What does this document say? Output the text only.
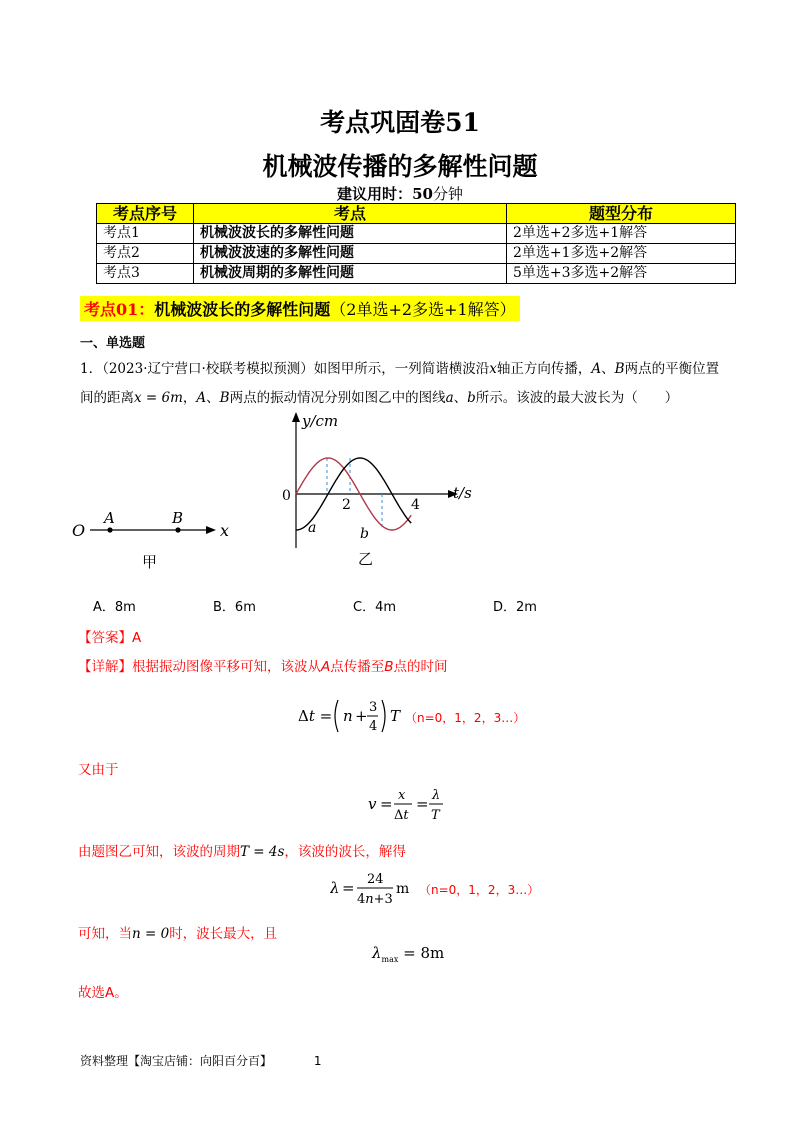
考点巩固卷51
机械波传播的多解性问题
建议用时：50分钟
考点序号	考点	题型分布
考点1	机械波波长的多解性问题	2单选+2多选+1解答
考点2	机械波波速的多解性问题	2单选+1多选+2解答
考点3	机械波周期的多解性问题	5单选+3多选+2解答
考点01：机械波波长的多解性问题（2单选+2多选+1解答）
一、单选题
1．（2023·辽宁营口·校联考模拟预测）如图甲所示，一列简谐横波沿x轴正方向传播，A、B两点的平衡位置间的距离x = 6m，A、B两点的振动情况分别如图乙中的图线a、b所示。该波的最大波长为（　　）
O
A	B
x
甲
y/cm
t/s
0
2	4
a	b
乙
A．8m	B．6m	C．4m	D．2m
【答案】A
【详解】根据振动图像平移可知，该波从A点传播至B点的时间
Δt = n + 3
4
T （n=0，1，2，3…）
又由于
v = x
Δt
= λ
T
由题图乙可知，该波的周期T = 4s，该波的波长，解得
λ = 24
4n+3
m （n=0，1，2，3…）
可知，当n = 0时，波长最大，且
$\lambda_{max} = 8m$
故选A。
资料整理【淘宝店铺：向阳百分百】	1
